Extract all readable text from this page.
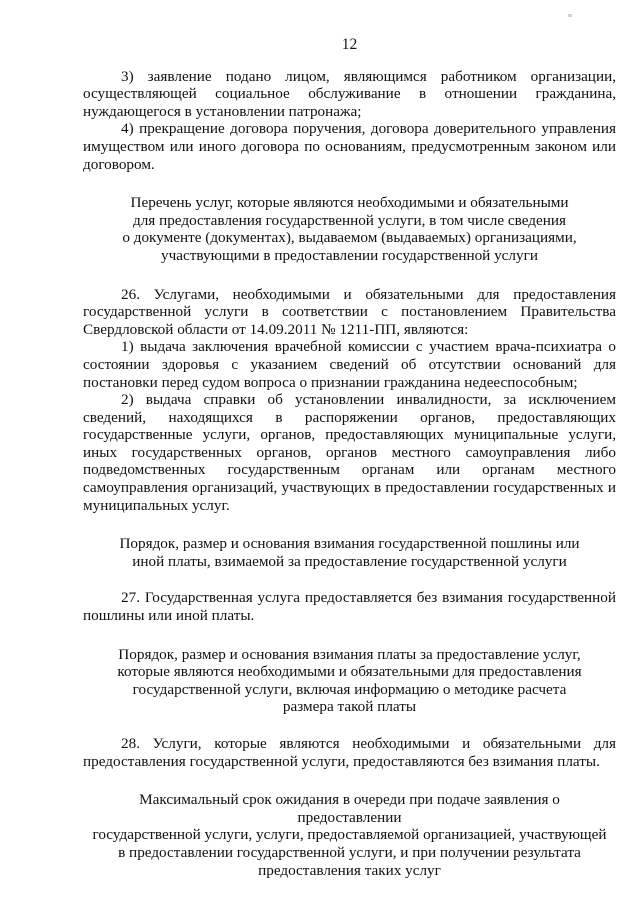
12

3) заявление подано лицом, являющимся работником организации, осуществляющей социальное обслуживание в отношении гражданина, нуждающегося в установлении патронажа;

4) прекращение договора поручения, договора доверительного управления имуществом или иного договора по основаниям, предусмотренным законом или договором.

Перечень услуг, которые являются необходимыми и обязательными
для предоставления государственной услуги, в том числе сведения
о документе (документах), выдаваемом (выдаваемых) организациями,
участвующими в предоставлении государственной услуги

26. Услугами, необходимыми и обязательными для предоставления государственной услуги в соответствии с постановлением Правительства Свердловской области от 14.09.2011 № 1211-ПП, являются:

1) выдача заключения врачебной комиссии с участием врача-психиатра о состоянии здоровья с указанием сведений об отсутствии оснований для постановки перед судом вопроса о признании гражданина недееспособным;

2) выдача справки об установлении инвалидности, за исключением сведений, находящихся в распоряжении органов, предоставляющих государственные услуги, органов, предоставляющих муниципальные услуги, иных государственных органов, органов местного самоуправления либо подведомственных государственным органам или органам местного самоуправления организаций, участвующих в предоставлении государственных и муниципальных услуг.

Порядок, размер и основания взимания государственной пошлины или
иной платы, взимаемой за предоставление государственной услуги

27. Государственная услуга предоставляется без взимания государственной пошлины или иной платы.

Порядок, размер и основания взимания платы за предоставление услуг,
которые являются необходимыми и обязательными для предоставления
государственной услуги, включая информацию о методике расчета
размера такой платы

28. Услуги, которые являются необходимыми и обязательными для предоставления государственной услуги, предоставляются без взимания платы.

Максимальный срок ожидания в очереди при подаче заявления о предоставлении
государственной услуги, услуги, предоставляемой организацией, участвующей
в предоставлении государственной услуги, и при получении результата
предоставления таких услуг
